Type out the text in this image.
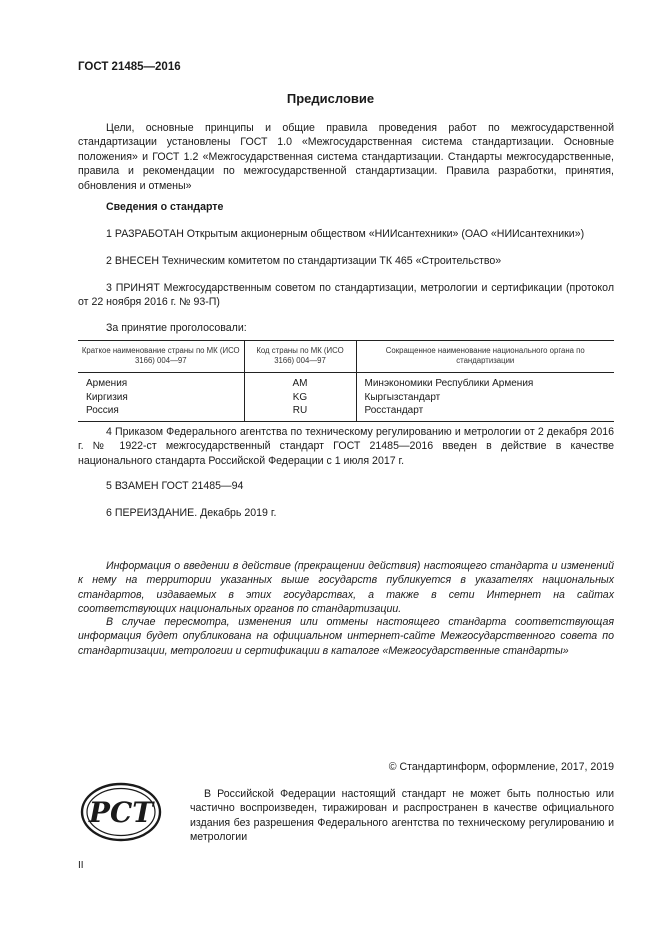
ГОСТ 21485—2016
Предисловие
Цели, основные принципы и общие правила проведения работ по межгосударственной стандартизации установлены ГОСТ 1.0 «Межгосударственная система стандартизации. Основные положения» и ГОСТ 1.2 «Межгосударственная система стандартизации. Стандарты межгосударственные, правила и рекомендации по межгосударственной стандартизации. Правила разработки, принятия, обновления и отмены»
Сведения о стандарте
1 РАЗРАБОТАН Открытым акционерным обществом «НИИсантехники» (ОАО «НИИсантехники»)
2 ВНЕСЕН Техническим комитетом по стандартизации ТК 465 «Строительство»
3 ПРИНЯТ Межгосударственным советом по стандартизации, метрологии и сертификации (протокол от 22 ноября 2016 г. № 93-П)
За принятие проголосовали:
Краткое наименование страны по МК (ИСО 3166) 004—97	Код страны по МК (ИСО 3166) 004—97	Сокращенное наименование национального органа по стандартизации
Армения	AM	Минэкономики Республики Армения
Киргизия	KG	Кыргызстандарт
Россия	RU	Росстандарт
4 Приказом Федерального агентства по техническому регулированию и метрологии от 2 декабря 2016 г. № 1922-ст межгосударственный стандарт ГОСТ 21485—2016 введен в действие в качестве национального стандарта Российской Федерации с 1 июля 2017 г.
5 ВЗАМЕН ГОСТ 21485—94
6 ПЕРЕИЗДАНИЕ. Декабрь 2019 г.
Информация о введении в действие (прекращении действия) настоящего стандарта и изменений к нему на территории указанных выше государств публикуется в указателях национальных стандартов, издаваемых в этих государствах, а также в сети Интернет на сайтах соответствующих национальных органов по стандартизации.
В случае пересмотра, изменения или отмены настоящего стандарта соответствующая информация будет опубликована на официальном интернет-сайте Межгосударственного совета по стандартизации, метрологии и сертификации в каталоге «Межгосударственные стандарты»
© Стандартинформ, оформление, 2017, 2019
РСТ
В Российской Федерации настоящий стандарт не может быть полностью или частично воспроизведен, тиражирован и распространен в качестве официального издания без разрешения Федерального агентства по техническому регулированию и метрологии
II
